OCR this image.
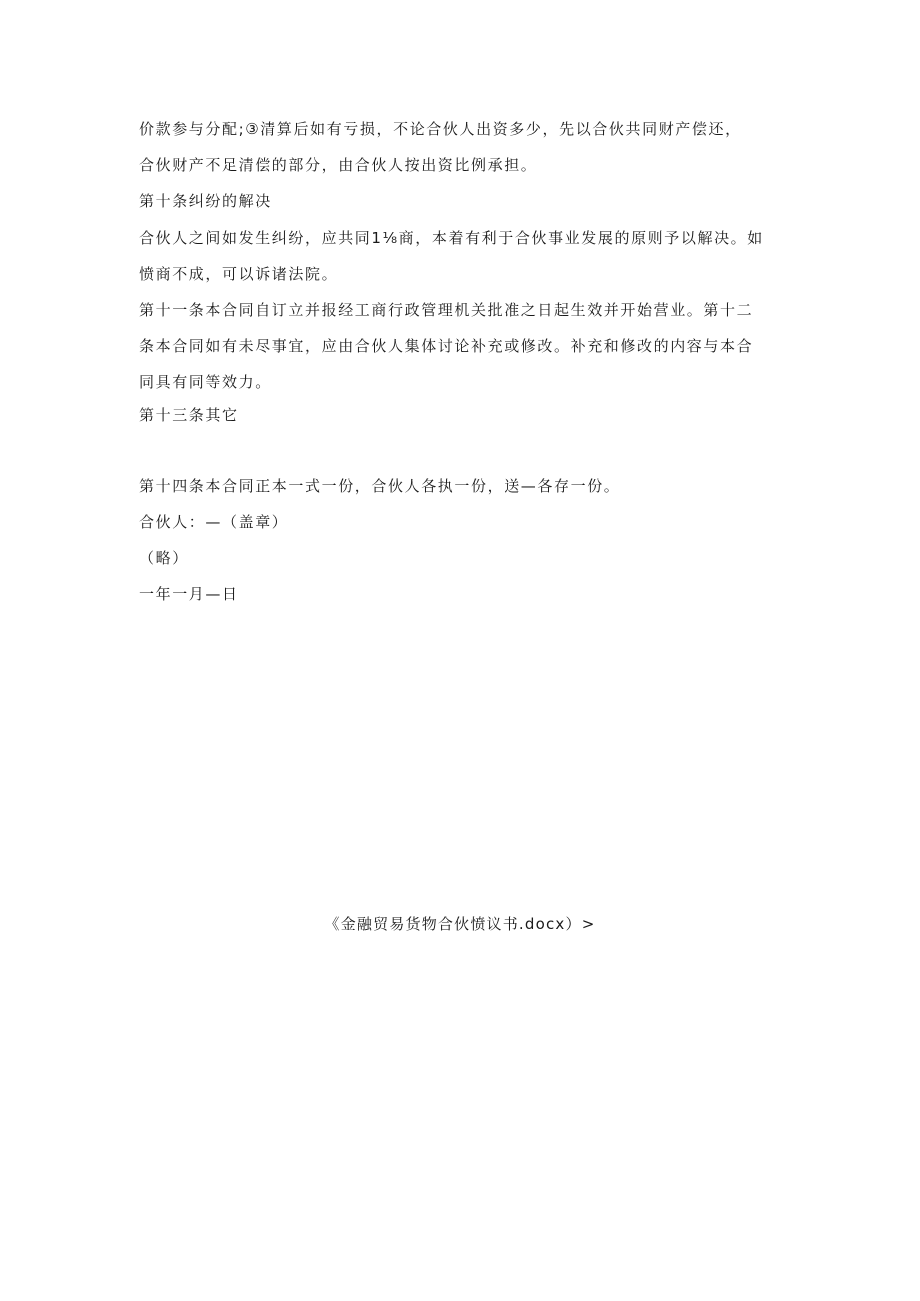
价款参与分配;③清算后如有亏损，不论合伙人出资多少，先以合伙共同财产偿还，
合伙财产不足清偿的部分，由合伙人按出资比例承担。
第十条纠纷的解决
合伙人之间如发生纠纷，应共同1⅛商，本着有利于合伙事业发展的原则予以解决。如
愤商不成，可以诉诸法院。
第十一条本合同自订立并报经工商行政管理机关批准之日起生效并开始营业。第十二
条本合同如有未尽事宜，应由合伙人集体讨论补充或修改。补充和修改的内容与本合
同具有同等效力。
第十三条其它
第十四条本合同正本一式一份，合伙人各执一份，送—各存一份。
合伙人：—（盖章）
（略）
一年一月—日
《金融贸易货物合伙愤议书.docx）>
